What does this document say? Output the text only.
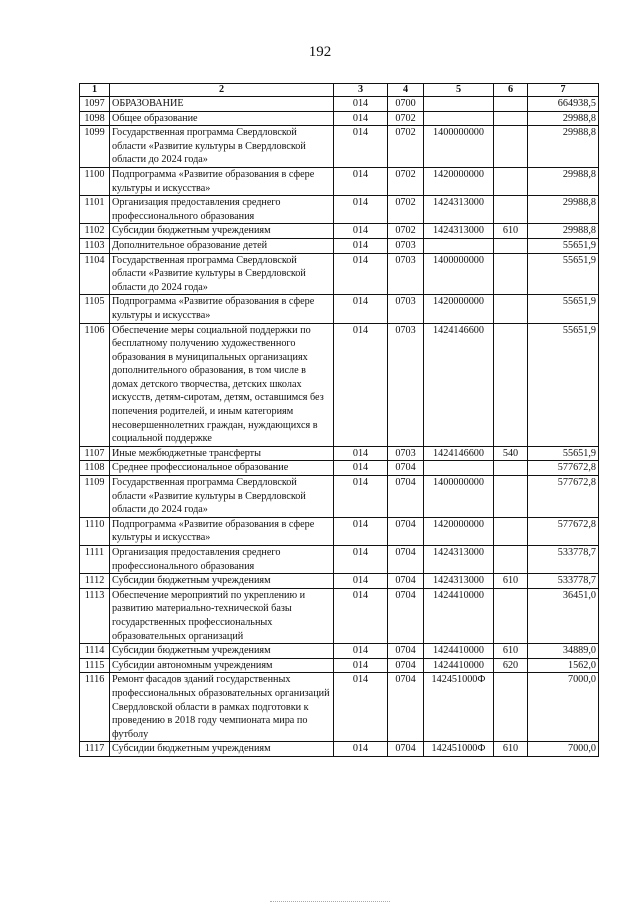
192
1	2	3	4	5	6	7
1097	ОБРАЗОВАНИЕ	014	0700			664938,5
1098	Общее образование	014	0702			29988,8
1099	Государственная программа Свердловской области «Развитие культуры в Свердловской области до 2024 года»	014	0702	1400000000		29988,8
1100	Подпрограмма «Развитие образования в сфере культуры и искусства»	014	0702	1420000000		29988,8
1101	Организация предоставления среднего профессионального образования	014	0702	1424313000		29988,8
1102	Субсидии бюджетным учреждениям	014	0702	1424313000	610	29988,8
1103	Дополнительное образование детей	014	0703			55651,9
1104	Государственная программа Свердловской области «Развитие культуры в Свердловской области до 2024 года»	014	0703	1400000000		55651,9
1105	Подпрограмма «Развитие образования в сфере культуры и искусства»	014	0703	1420000000		55651,9
1106	Обеспечение меры социальной поддержки по бесплатному получению художественного образования в муниципальных организациях дополнительного образования, в том числе в домах детского творчества, детских школах искусств, детям-сиротам, детям, оставшимся без попечения родителей, и иным категориям несовершеннолетних граждан, нуждающихся в социальной поддержке	014	0703	1424146600		55651,9
1107	Иные межбюджетные трансферты	014	0703	1424146600	540	55651,9
1108	Среднее профессиональное образование	014	0704			577672,8
1109	Государственная программа Свердловской области «Развитие культуры в Свердловской области до 2024 года»	014	0704	1400000000		577672,8
1110	Подпрограмма «Развитие образования в сфере культуры и искусства»	014	0704	1420000000		577672,8
1111	Организация предоставления среднего профессионального образования	014	0704	1424313000		533778,7
1112	Субсидии бюджетным учреждениям	014	0704	1424313000	610	533778,7
1113	Обеспечение мероприятий по укреплению и развитию материально-технической базы государственных профессиональных образовательных организаций	014	0704	1424410000		36451,0
1114	Субсидии бюджетным учреждениям	014	0704	1424410000	610	34889,0
1115	Субсидии автономным учреждениям	014	0704	1424410000	620	1562,0
1116	Ремонт фасадов зданий государственных профессиональных образовательных организаций Свердловской области в рамках подготовки к проведению в 2018 году чемпионата мира по футболу	014	0704	142451000Ф		7000,0
1117	Субсидии бюджетным учреждениям	014	0704	142451000Ф	610	7000,0
